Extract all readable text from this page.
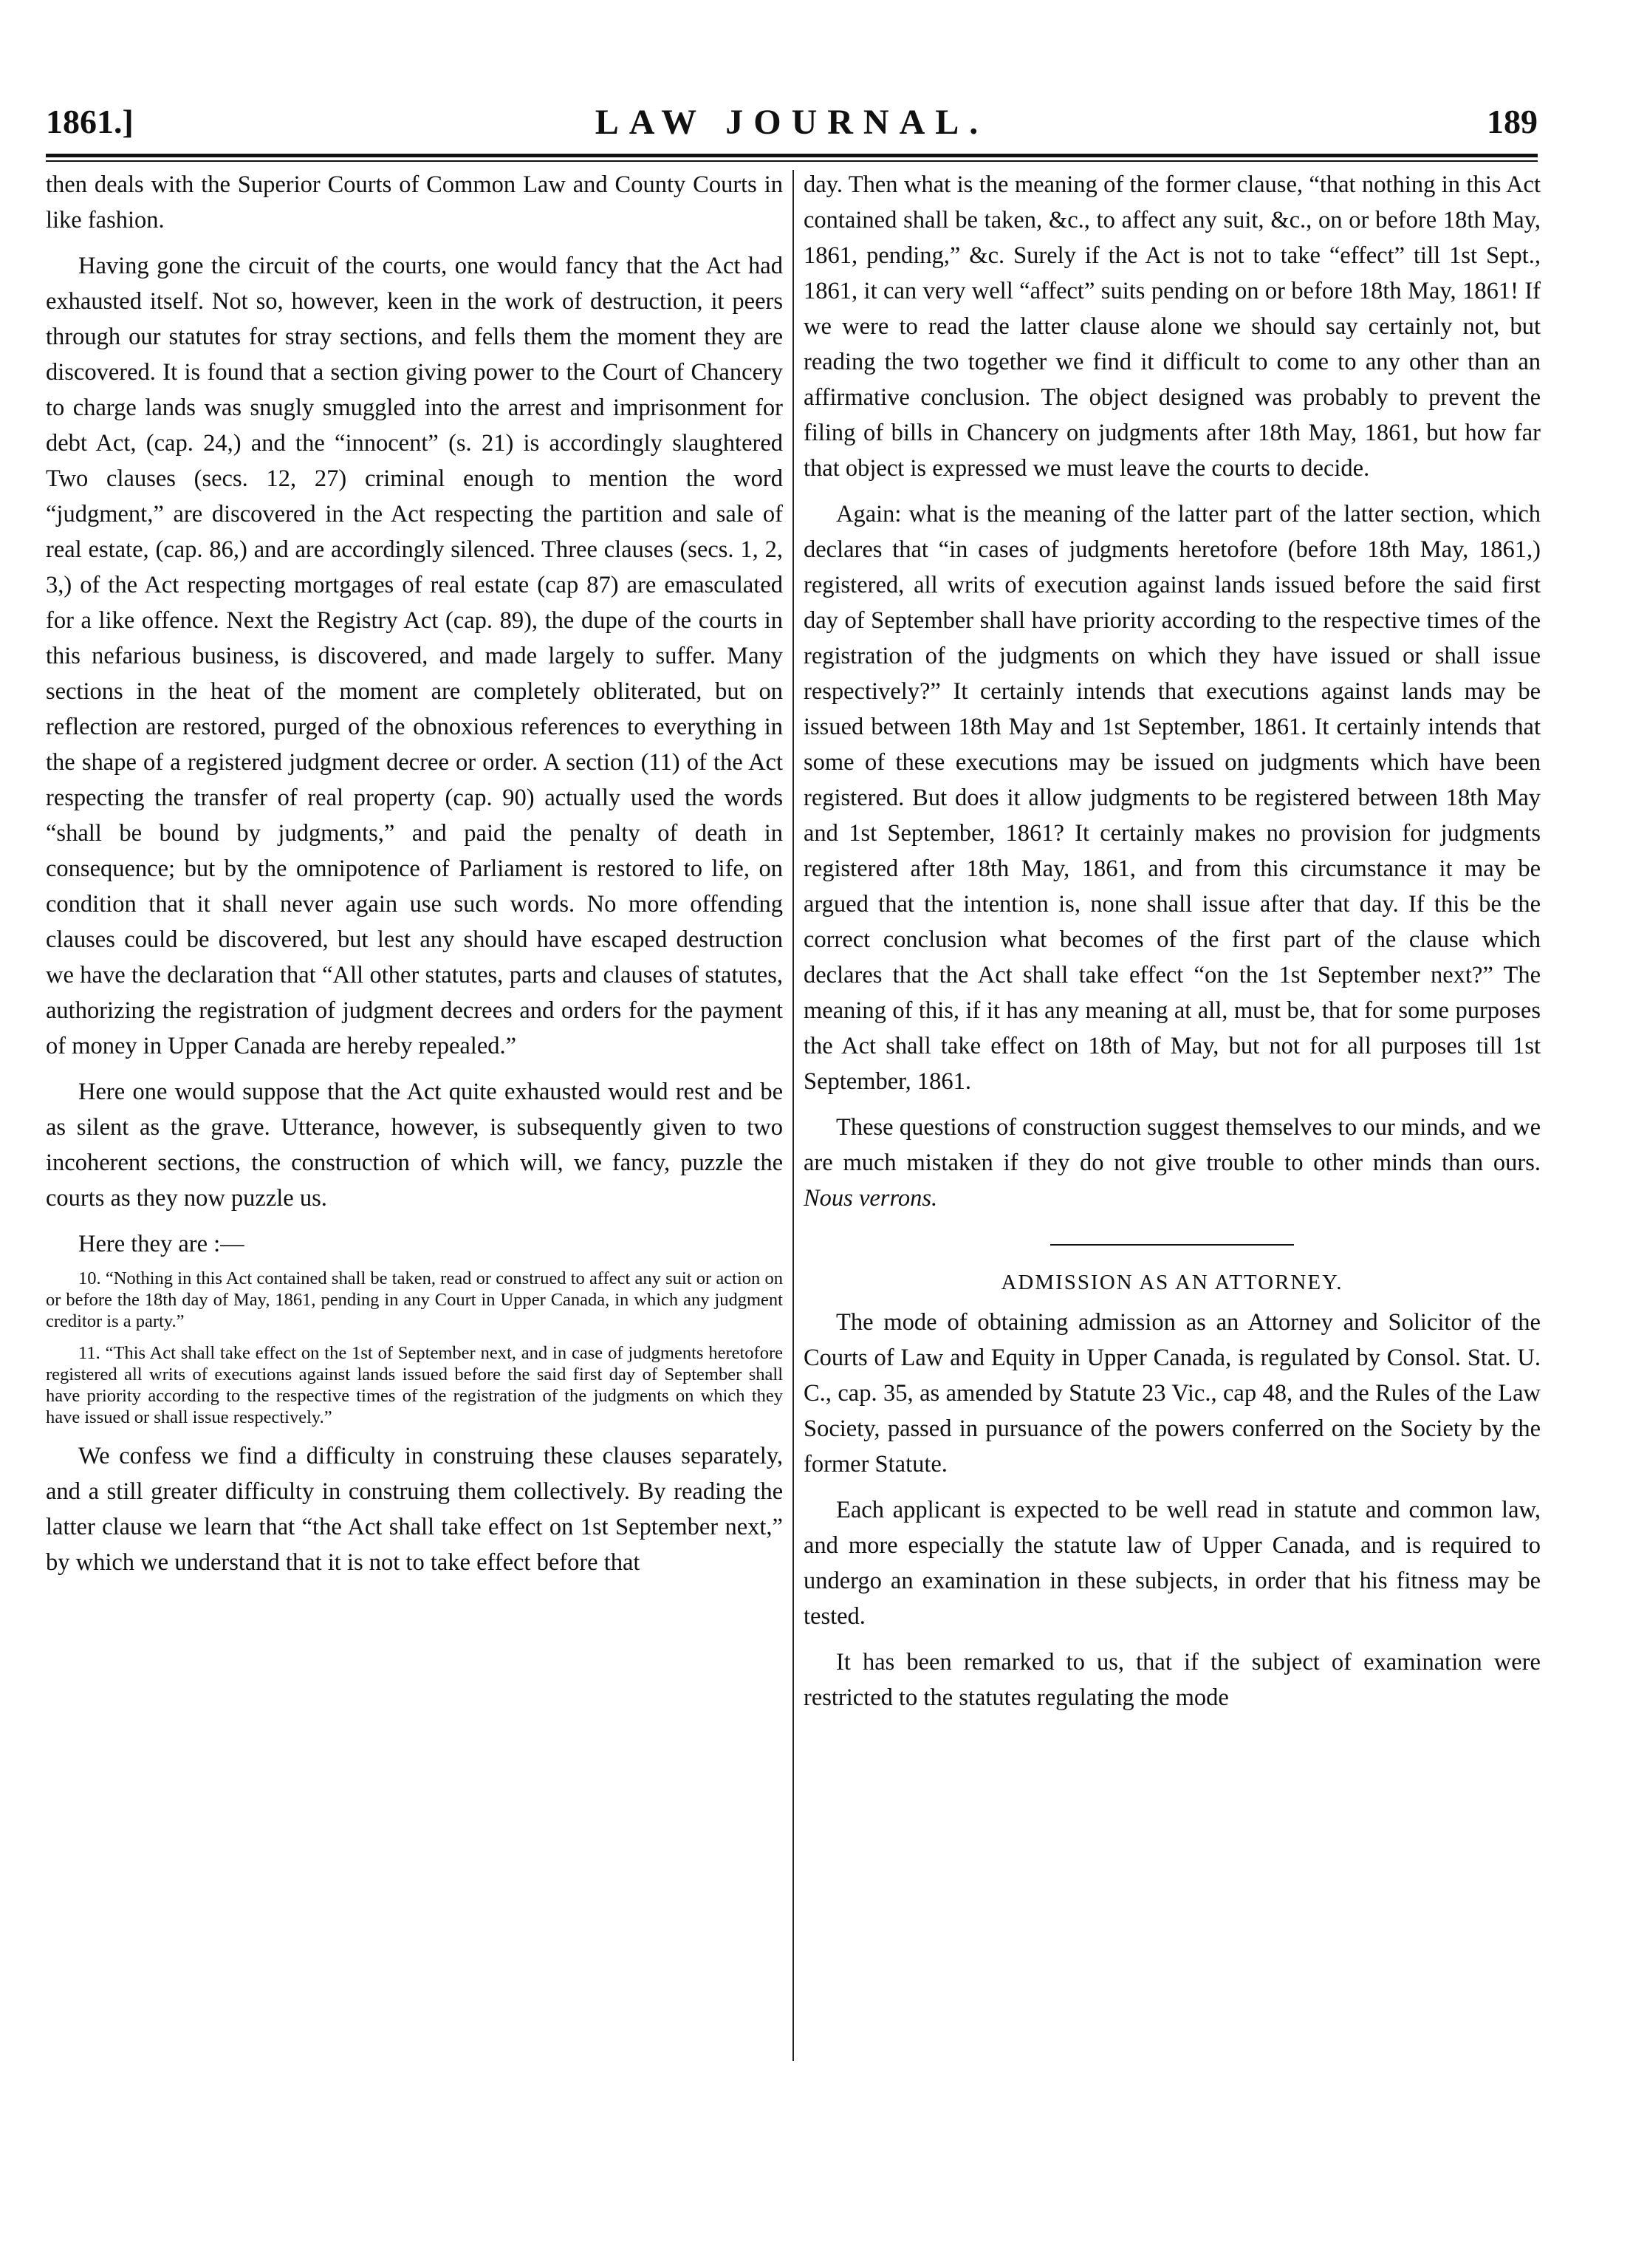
1861.]	LAW JOURNAL.	189

then deals with the Superior Courts of Common Law and County Courts in like fashion.

Having gone the circuit of the courts, one would fancy that the Act had exhausted itself. Not so, however, keen in the work of destruction, it peers through our statutes for stray sections, and fells them the moment they are discovered. It is found that a section giving power to the Court of Chancery to charge lands was snugly smuggled into the arrest and imprisonment for debt Act, (cap. 24,) and the “innocent” (s. 21) is accordingly slaughtered Two clauses (secs. 12, 27) criminal enough to mention the word “judgment,” are discovered in the Act respecting the partition and sale of real estate, (cap. 86,) and are accordingly silenced. Three clauses (secs. 1, 2, 3,) of the Act respecting mortgages of real estate (cap 87) are emasculated for a like offence. Next the Registry Act (cap. 89), the dupe of the courts in this nefarious business, is discovered, and made largely to suffer. Many sections in the heat of the moment are completely obliterated, but on reflection are restored, purged of the obnoxious references to everything in the shape of a registered judgment decree or order. A section (11) of the Act respecting the transfer of real property (cap. 90) actually used the words “shall be bound by judgments,” and paid the penalty of death in consequence; but by the omnipotence of Parliament is restored to life, on condition that it shall never again use such words. No more offending clauses could be discovered, but lest any should have escaped destruction we have the declaration that “All other statutes, parts and clauses of statutes, authorizing the registration of judgment decrees and orders for the payment of money in Upper Canada are hereby repealed.”

Here one would suppose that the Act quite exhausted would rest and be as silent as the grave. Utterance, however, is subsequently given to two incoherent sections, the construction of which will, we fancy, puzzle the courts as they now puzzle us.

Here they are :—

10. “Nothing in this Act contained shall be taken, read or construed to affect any suit or action on or before the 18th day of May, 1861, pending in any Court in Upper Canada, in which any judgment creditor is a party.”

11. “This Act shall take effect on the 1st of September next, and in case of judgments heretofore registered all writs of executions against lands issued before the said first day of September shall have priority according to the respective times of the registration of the judgments on which they have issued or shall issue respectively.”

We confess we find a difficulty in construing these clauses separately, and a still greater difficulty in construing them collectively. By reading the latter clause we learn that “the Act shall take effect on 1st September next,” by which we understand that it is not to take effect before that

day. Then what is the meaning of the former clause, “that nothing in this Act contained shall be taken, &c., to affect any suit, &c., on or before 18th May, 1861, pending,” &c. Surely if the Act is not to take “effect” till 1st Sept., 1861, it can very well “affect” suits pending on or before 18th May, 1861! If we were to read the latter clause alone we should say certainly not, but reading the two together we find it difficult to come to any other than an affirmative conclusion. The object designed was probably to prevent the filing of bills in Chancery on judgments after 18th May, 1861, but how far that object is expressed we must leave the courts to decide.

Again: what is the meaning of the latter part of the latter section, which declares that “in cases of judgments heretofore (before 18th May, 1861,) registered, all writs of execution against lands issued before the said first day of September shall have priority according to the respective times of the registration of the judgments on which they have issued or shall issue respectively?” It certainly intends that executions against lands may be issued between 18th May and 1st September, 1861. It certainly intends that some of these executions may be issued on judgments which have been registered. But does it allow judgments to be registered between 18th May and 1st September, 1861? It certainly makes no provision for judgments registered after 18th May, 1861, and from this circumstance it may be argued that the intention is, none shall issue after that day. If this be the correct conclusion what becomes of the first part of the clause which declares that the Act shall take effect “on the 1st September next?” The meaning of this, if it has any meaning at all, must be, that for some purposes the Act shall take effect on 18th of May, but not for all purposes till 1st September, 1861.

These questions of construction suggest themselves to our minds, and we are much mistaken if they do not give trouble to other minds than ours. Nous verrons.

ADMISSION AS AN ATTORNEY.

The mode of obtaining admission as an Attorney and Solicitor of the Courts of Law and Equity in Upper Canada, is regulated by Consol. Stat. U. C., cap. 35, as amended by Statute 23 Vic., cap 48, and the Rules of the Law Society, passed in pursuance of the powers conferred on the Society by the former Statute.

Each applicant is expected to be well read in statute and common law, and more especially the statute law of Upper Canada, and is required to undergo an examination in these subjects, in order that his fitness may be tested.

It has been remarked to us, that if the subject of examination were restricted to the statutes regulating the mode
